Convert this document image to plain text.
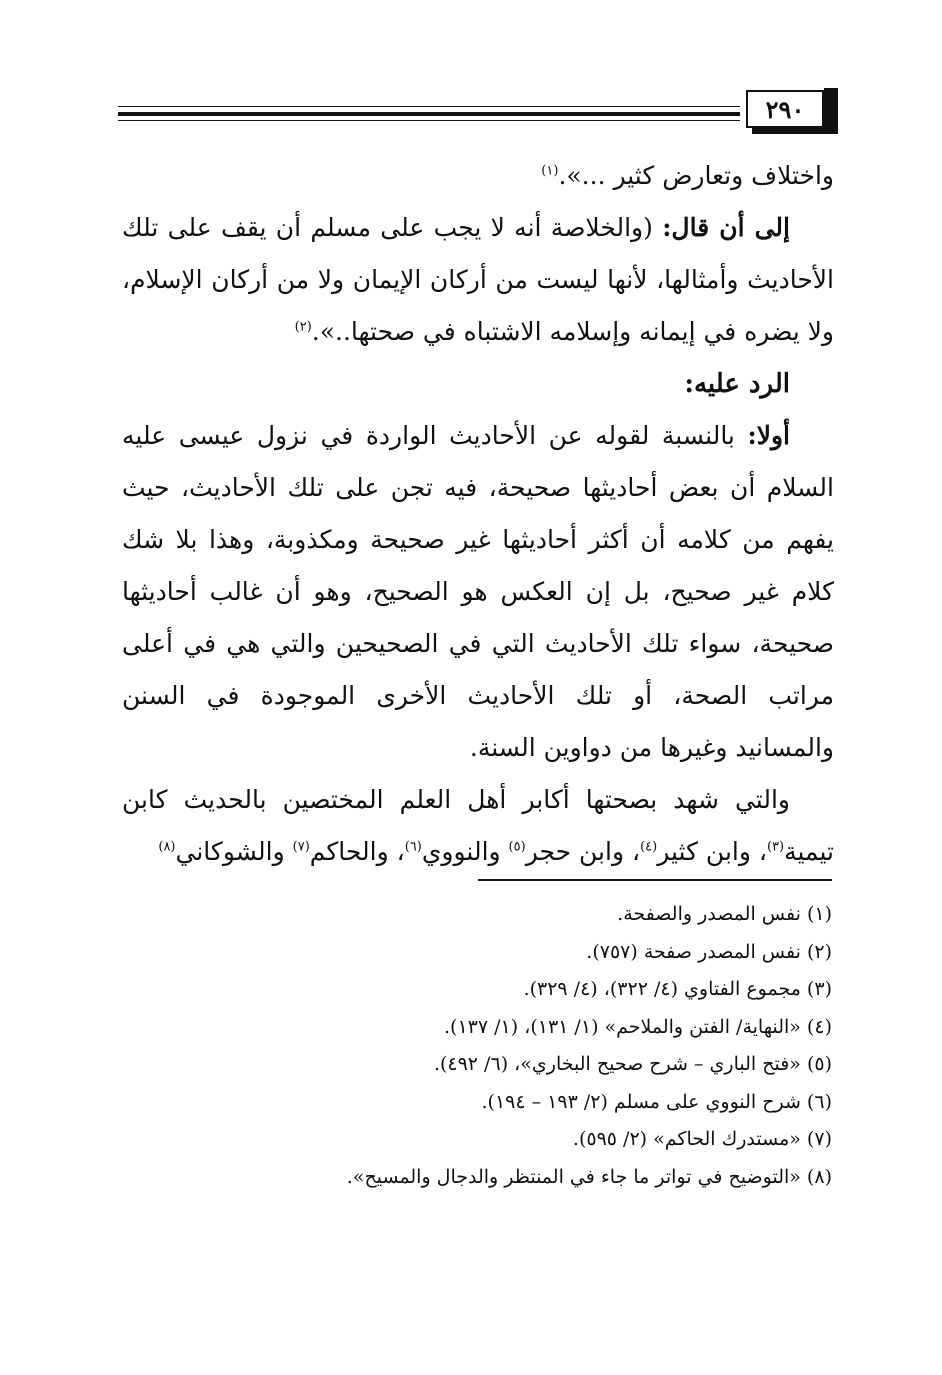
٢٩٠

واختلاف وتعارض كثير ...».$^{(١)}$

إلى أن قال: (والخلاصة أنه لا يجب على مسلم أن يقف على تلك الأحاديث وأمثالها، لأنها ليست من أركان الإيمان ولا من أركان الإسلام، ولا يضره في إيمانه وإسلامه الاشتباه في صحتها..».$^{(٢)}$

الرد عليه:

أولا: بالنسبة لقوله عن الأحاديث الواردة في نزول عيسى عليه السلام أن بعض أحاديثها صحيحة، فيه تجن على تلك الأحاديث، حيث يفهم من كلامه أن أكثر أحاديثها غير صحيحة ومكذوبة، وهذا بلا شك كلام غير صحيح، بل إن العكس هو الصحيح، وهو أن غالب أحاديثها صحيحة، سواء تلك الأحاديث التي في الصحيحين والتي هي في أعلى مراتب الصحة، أو تلك الأحاديث الأخرى الموجودة في السنن والمسانيد وغيرها من دواوين السنة.

والتي شهد بصحتها أكابر أهل العلم المختصين بالحديث كابن تيمية$^{(٣)}$، وابن كثير$^{(٤)}$، وابن حجر$^{(٥)}$ والنووي$^{(٦)}$، والحاكم$^{(٧)}$ والشوكاني$^{(٨)}$

(١) نفس المصدر والصفحة.
(٢) نفس المصدر صفحة (٧٥٧).
(٣) مجموع الفتاوي (٤/ ٣٢٢)، (٤/ ٣٢٩).
(٤) «النهاية/ الفتن والملاحم» (١/ ١٣١)، (١/ ١٣٧).
(٥) «فتح الباري – شرح صحيح البخاري»، (٦/ ٤٩٢).
(٦) شرح النووي على مسلم (٢/ ١٩٣ – ١٩٤).
(٧) «مستدرك الحاكم» (٢/ ٥٩٥).
(٨) «التوضيح في تواتر ما جاء في المنتظر والدجال والمسيح».
